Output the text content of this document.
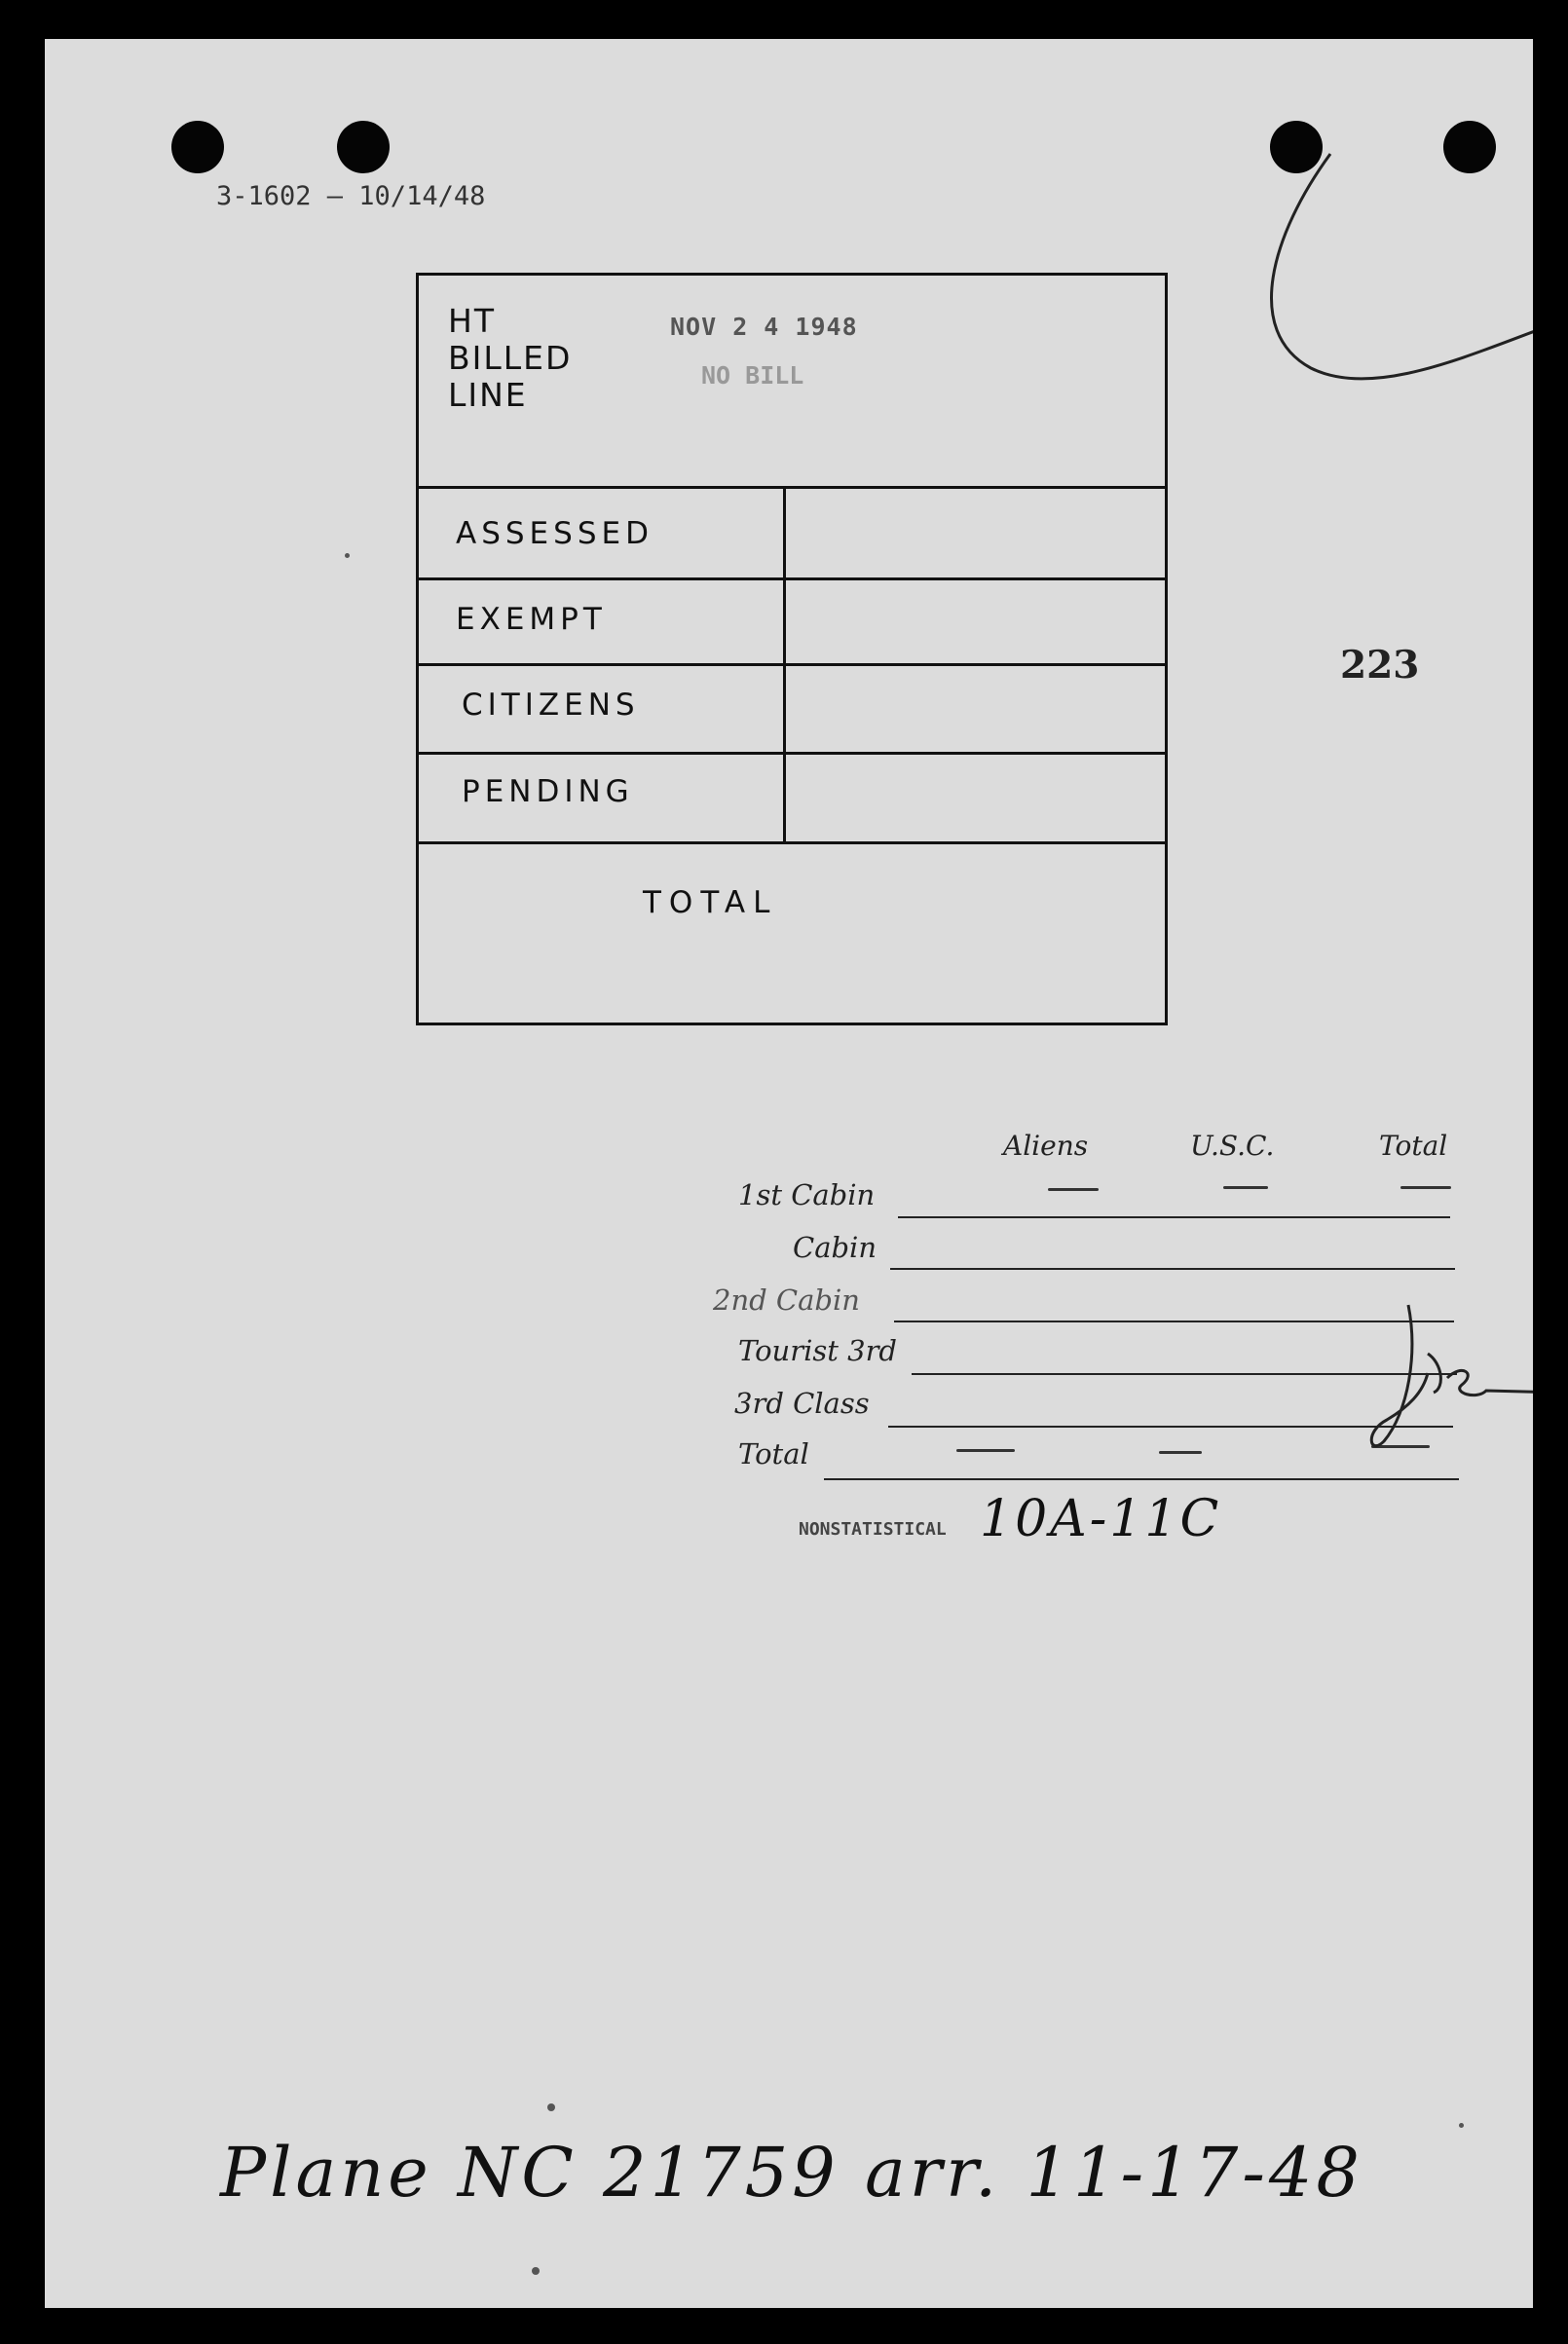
3-1602 — 10/14/48
HT
BILLED
LINE
NOV 2 4 1948
NO BILL
ASSESSED
EXEMPT
CITIZENS
PENDING
TOTAL
223
Aliens	U.S.C.	Total
1st Cabin
Cabin
2nd Cabin
Tourist 3rd
3rd Class
Total
NONSTATISTICAL 10A-11C
Plane NC 21759 arr. 11-17-48
